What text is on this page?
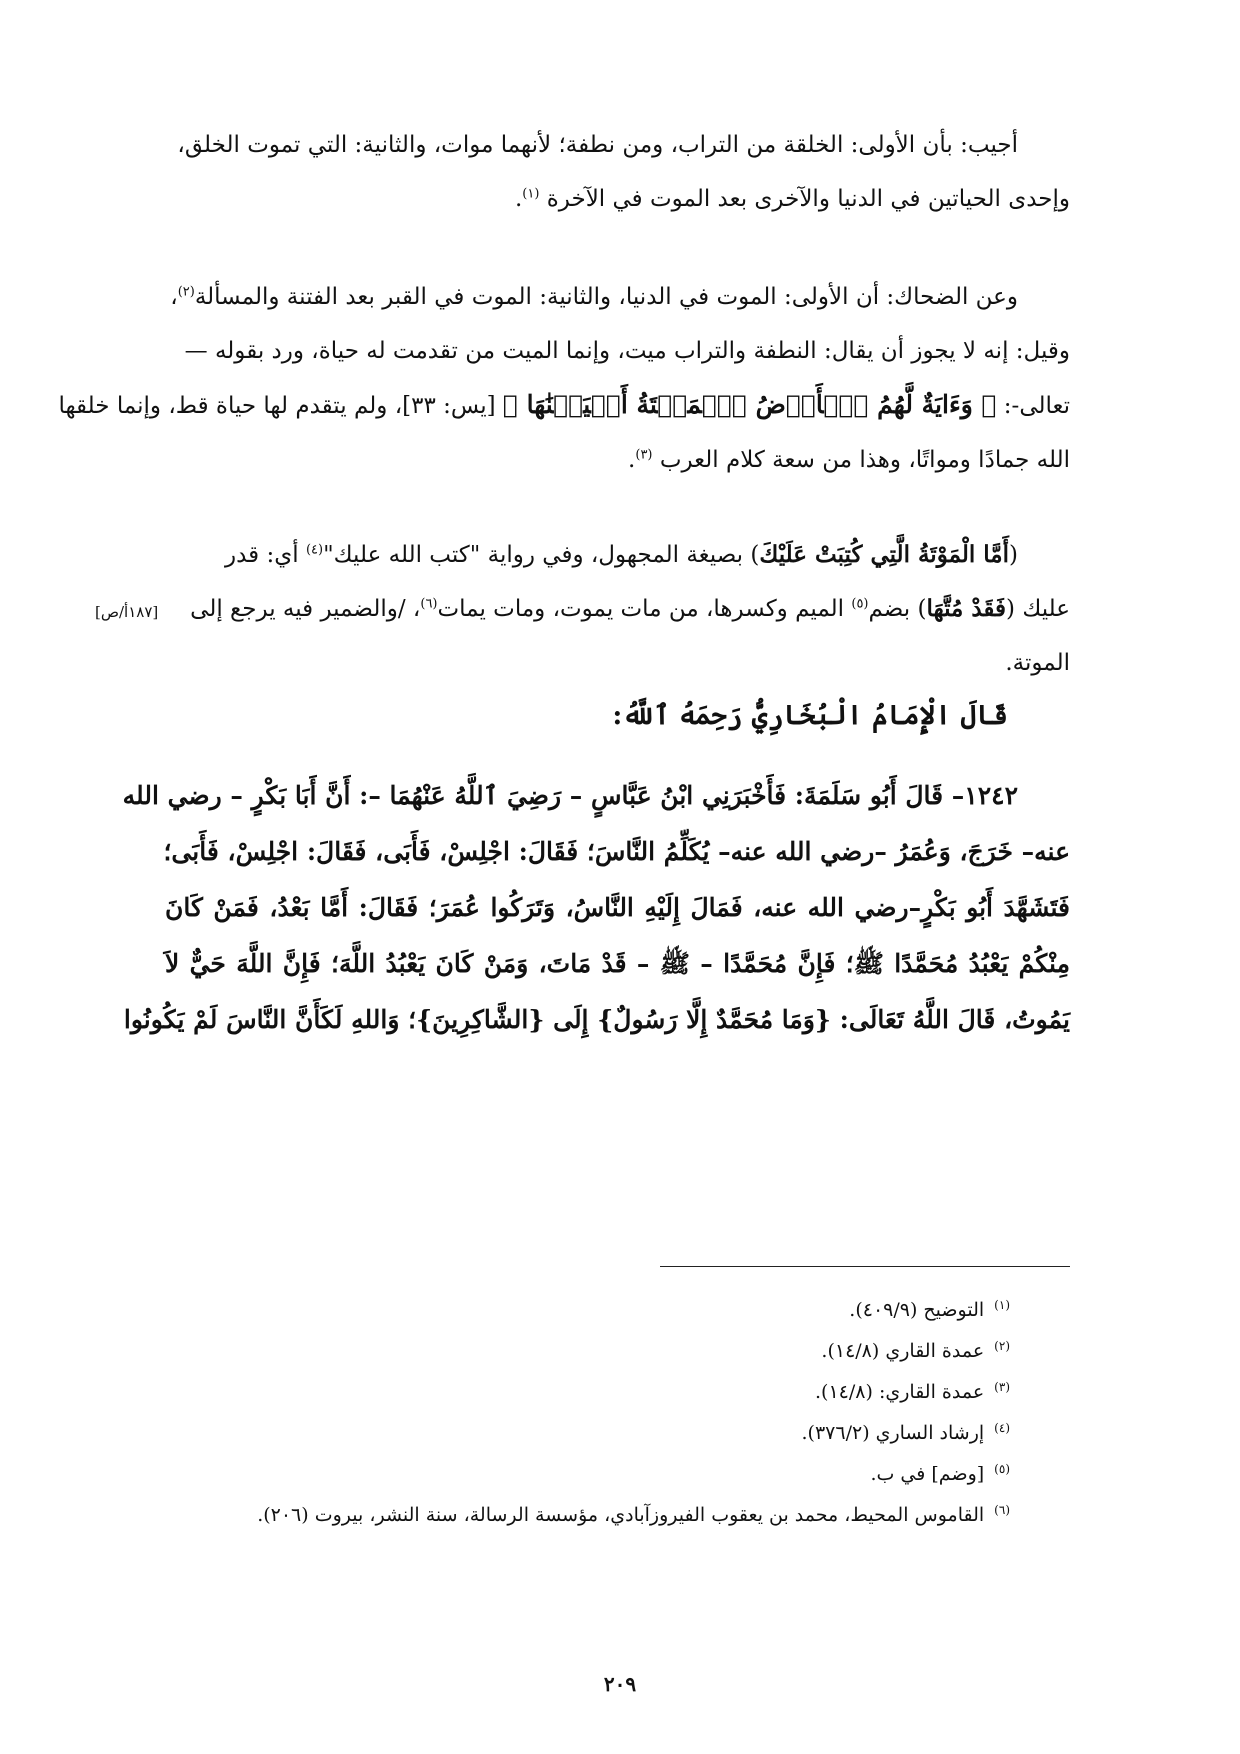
أجيب: بأن الأولى: الخلقة من التراب، ومن نطفة؛ لأنهما موات، والثانية: التي تموت الخلق،
وإحدى الحياتين في الدنيا والآخرى بعد الموت في الآخرة $^{(١)}$.
وعن الضحاك: أن الأولى: الموت في الدنيا، والثانية: الموت في القبر بعد الفتنة والمسألة$^{(٢)}$،
وقيل: إنه لا يجوز أن يقال: النطفة والتراب ميت، وإنما الميت من تقدمت له حياة، ورد بقوله —
تعالى-: ﴿ وَءَايَةٌ لَّهُمُ ٱلۡأَرۡضُ ٱلۡمَيۡتَةُ أَحۡيَيۡنَٰهَا ﴾ [يس: ٣٣]، ولم يتقدم لها حياة قط، وإنما خلقها
الله جمادًا ومواتًا، وهذا من سعة كلام العرب $^{(٣)}$.
(أَمَّا الْمَوْتَةُ الَّتِي كُتِبَتْ عَلَيْكَ) بصيغة المجهول، وفي رواية "كتب الله عليك"$^{(٤)}$ أي: قدر
عليك (فَقَدْ مُتَّهَا) بضم$^{(٥)}$ الميم وكسرها، من مات يموت، ومات يمات$^{(٦)}$، /والضمير فيه يرجع إلى
الموتة.
[١٨٧أ/ص]
قَالَ الْإِمَامُ الْبُخَارِيُّ رَحِمَهُ ٱللَّهُ:
١٢٤٢– قَالَ أَبُو سَلَمَةَ: فَأَخْبَرَنِي ابْنُ عَبَّاسٍ – رَضِيَ ٱللَّهُ عَنْهُمَا –: أَنَّ أَبَا بَكْرٍ – رضي الله
عنه– خَرَجَ، وَعُمَرُ –رضي الله عنه– يُكَلِّمُ النَّاسَ؛ فَقَالَ: اجْلِسْ، فَأَبَى، فَقَالَ: اجْلِسْ، فَأَبَى؛
فَتَشَهَّدَ أَبُو بَكْرٍ–رضي الله عنه، فَمَالَ إِلَيْهِ النَّاسُ، وَتَرَكُوا عُمَرَ؛ فَقَالَ: أَمَّا بَعْدُ، فَمَنْ كَانَ
مِنْكُمْ يَعْبُدُ مُحَمَّدًا ﷺ؛ فَإِنَّ مُحَمَّدًا – ﷺ – قَدْ مَاتَ، وَمَنْ كَانَ يَعْبُدُ اللَّهَ؛ فَإِنَّ اللَّهَ حَيٌّ لاَ
يَمُوتُ، قَالَ اللَّهُ تَعَالَى: {وَمَا مُحَمَّدٌ إِلَّا رَسُولٌ} إِلَى {الشَّاكِرِينَ}؛ وَاللهِ لَكَأَنَّ النَّاسَ لَمْ يَكُونُوا
$^{(١)}$التوضيح (٤٠٩/٩).
$^{(٢)}$عمدة القاري (١٤/٨).
$^{(٣)}$عمدة القاري: (١٤/٨).
$^{(٤)}$إرشاد الساري (٣٧٦/٢).
$^{(٥)}$[وضم] في ب.
$^{(٦)}$القاموس المحيط، محمد بن يعقوب الفيروزآبادي، مؤسسة الرسالة، سنة النشر، بيروت (٢٠٦).
٢٠٩
